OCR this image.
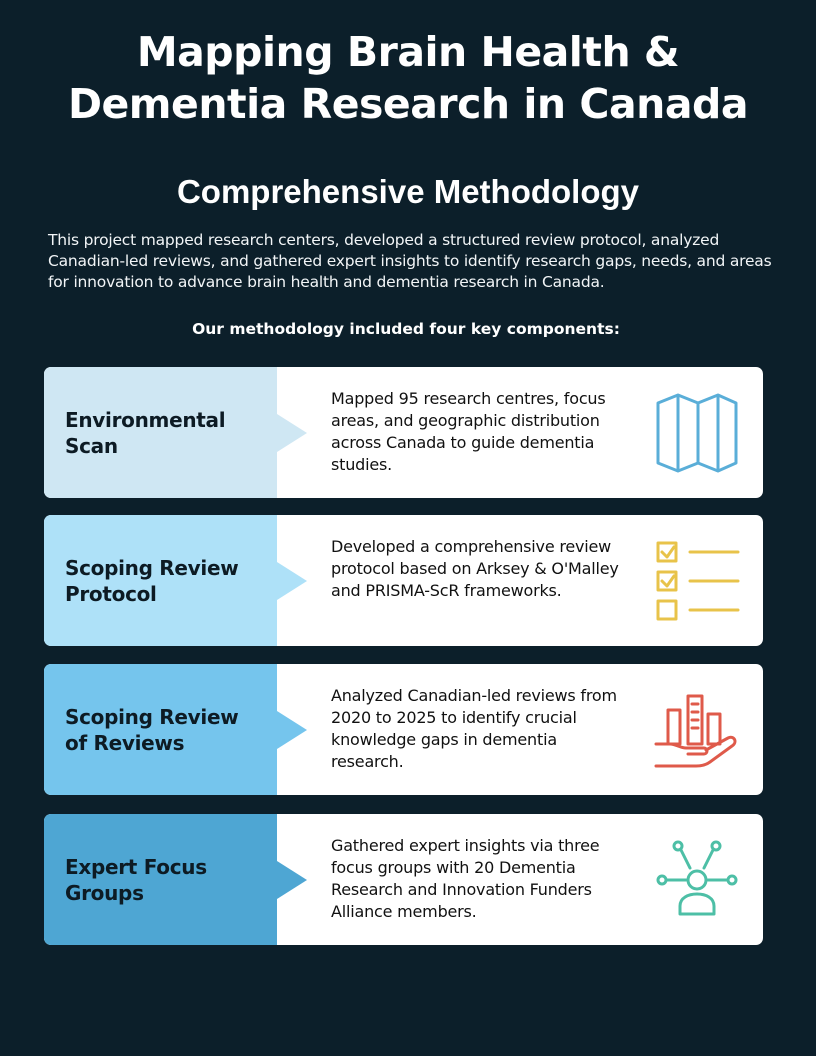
Mapping Brain Health &
Dementia Research in Canada
Comprehensive Methodology
This project mapped research centers, developed a structured review protocol, analyzed Canadian-led reviews, and gathered expert insights to identify research gaps, needs, and areas for innovation to advance brain health and dementia research in Canada.
Our methodology included four key components:
Environmental
Scan
Mapped 95 research centres, focus areas, and geographic distribution across Canada to guide dementia studies.
Scoping Review
Protocol
Developed a comprehensive review protocol based on Arksey & O'Malley and PRISMA-ScR frameworks.
Scoping Review
of Reviews
Analyzed Canadian-led reviews from 2020 to 2025 to identify crucial knowledge gaps in dementia research.
Expert Focus
Groups
Gathered expert insights via three focus groups with 20 Dementia Research and Innovation Funders Alliance members.
